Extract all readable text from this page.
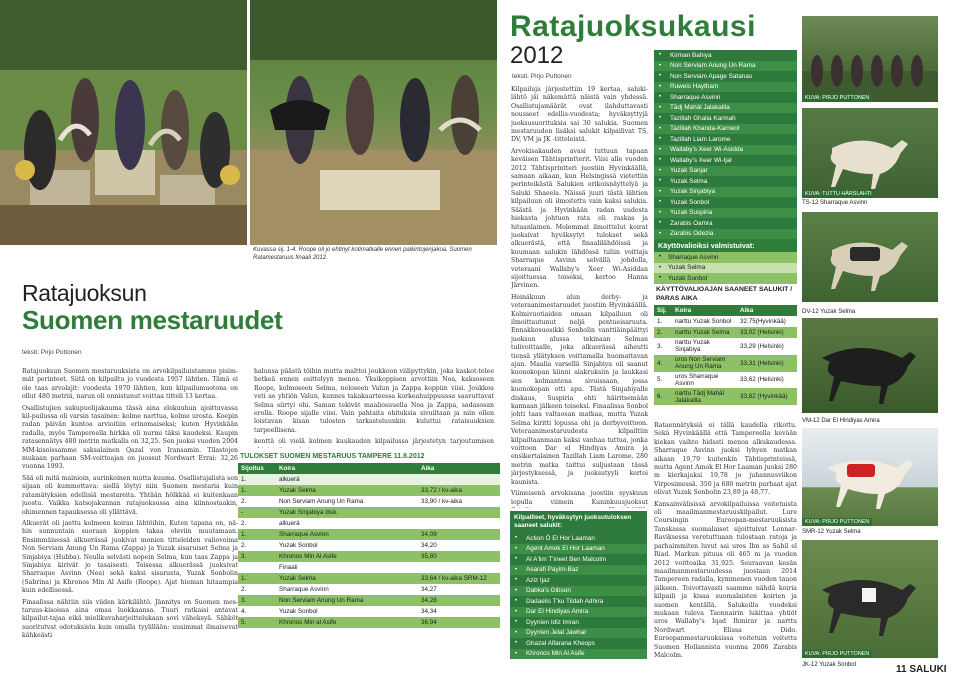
Kuvassa sij. 1-4. Roope oli jo ehtinyt kotimatkalle ennen palkintojenjakoa. Suomen Ratamestaruus finaali 2012.
Ratajuoksun
Suomen mestaruudet
teksti: Pirjo Puttonen

Ratajuoksun Suomen mestaruuksista on arvokilpailuistamme pisim-mät perinteet. Siitä on kilpailtu jo vuodesta 1957 lähtien. Tämä ei ole taas arvolajit: vuodesta 1970 lähtien, kun kilpailumuotona on ollut 480 metriä, narun oli onnistunut voittaa titteli 13 kertaa.

Osallistujien sukupuolijakauma tässä aina elokuuhun ajoittuvassa kil-pailussa oli varsin tasainen: kolme narttua, kolme urosta. Koepin radan päivän kuntoa arvioitiin erinomaiseksi; kuten Hyvinkään radalla, myös Tampereella hirkka oli nurmi täksi kaudeksi. Kaupin ratasennätys 480 metrin matkalla on 32,25. Sen juoksi vuoden 2004 MM-kisoissamme saksalainen Qazal von Iransamin. Tilastojen mukaan parhaan SM-voittoajan on juossut Nordwart Errai: 32,26 vuonna 1993.

Sää oli mitä mainioin, aurinkoinen mutta kuuma. Osallistujalista sen sijaan oli kummottava: siellä löytyi niin Suomen mestaria kuin ratamätyksien edellisiä mestareita. Yhtään hölkkää ei kuitenkaan juostu. Vaikka katsojakunnan ratajuoksussa aina kiinnostaakin, ohimennen tapauksessa oli yllättävä.

Alkuerät oli jaettu kolmeen koiran lähtöihin. Kuten tapana on, nä-hin sunnuntain suoraan koppien takaa oleviin muutamaan. Ensimmäisessä alkuerässä juokivat monien titteleiden valiovoima Non Serviam Anung Un Rama (Zappa) ja Yuzak sisaruiset Selma ja Sinjabiya (Hubba). Neulla selvästi nopein Selma, kun taas Zappa ja Sinjabiya kirivät jo tasaisesti. Toisessa alkuerässä juoksivat Sharraque Asvinn (Nea) sekä kaksi sisarusta, Yuzak Sonbolin (Sabrina) ja Khronos Min Al Asife (Roope). Ajat hieman hitaampia kuin edellisessä.

Finaalissa nähtiin siis viiden kärkilähtö. Jännitys on Suomen mes-taruus-kisoissa aina omaa luokkaansa. Tuuri ratkaisi antavat kilpailut-tajaa eikä mielikuvaharjoittelukaan sovi väheksyä. Sähköt suoritutvat odotuksista kuin omalla tyylillään: uusimmat ilmaisevat kähkeästi

halunsa päästä töihin mutta malttoi joukkoon viilipyttykin, joka kaskot-telee hetkeä ennen esittelyyn menoa. Yksikoppisen arvottiin Noa, kaksoseen Roope, kolmoseen Selma, neloseen Valun ja Zappa koppiin viisi. Joukkoa veti ae yhtiön Valun, kunnes takakaarteessa korkeahuippuussa saavuttavat Selma siirtyi ohi. Saman tekivät maaliosuuella Noa ja Zappa, sadasosan erolla. Roope sijalle viisi. Vain pahtaita ohituksia sivuiltaan ja niin ollen loistavan kisan tulosten tarkasteluunkin kuluttui rataisuuksien tarpeellisena.

kenttä oli vielä kolmen kuukauden kilpailussa järjestetyn tarjoutumisen

TULOKSET SUOMEN MESTARUUS TAMPERE 11.8.2012
Sijoitus	Koira	Aika
1.	alkuerä	
1.	Yuzak Selma	33,72 / kv-aika
2.	Non Serviam Anung Un Rama	33,90 / kv-aika
-	Yuzak Sinjabiya disk.	
2.	alkuerä	
1.	Sharraque Asvinn	34,09
2.	Yuzak Sonbol	34,20
3.	Khronos Min Al Asife	35,80
	Finaali	
1.	Yuzak Selma	33,64 / kv-aika SRM-12
2.	Sharraque Asvinn	34,27
3.	Non Serviam Anung Un Rama	34,28
4.	Yuzak Sonbol	34,34
5.	Khronos Min al Asife	36,94
Ratajuoksukausi
2012
teksti: Pirjo Puttonen

Kilpailuja järjestettiin 19 kertaa, saluki-lähtö jäi näkemättä näistä vain yhdessä. Osallistujamäärät ovat ilahduttavasti nousseet edellis-vuodesta; hyväksyttyjä juoksusuorituksia sai 30 salukia. Suomen mestaruuden lisäksi salukit kilpailivat TS, DV, VM ja JK -titteleistä.

Arvokisakauden avasi tuttuun tapaan keväisen Tähtisprintterit. Viisi alle vuoden 2012 Tähtisprintteri juostiin Hyvinkäällä, samaan aikaan, kun Helsingissä vietettiin perinteikästä Salukien erikoisnäyttelyä ja Saluki Shaeela. Näissä juuri tästä lähtien kilpailuun oli ilmoitettu vain kaksi salukia. Säästä ja Hyvinkään radan uudesta hiekasta johtuen rata oli raskas ja hitaanlainen. Molemmat ilmoittelut koirat juoksivat hyväksytyt tulokset sekä alkuerästä, että finaalilähdöissä ja kuumaan salukin lähdössä tuliin voittaja Sharraque Asvinn selvällä johdolla, veteraani Wallaby's Xeer Wi-Asiddan sijoittuessa toiseksi, kertoo Hanna Järvinen.

Heinäkuun alun derby- ja veteraanimestaruudet juostiin Hyvinkäällä. Kolmivuotiaiden omaan kilpailuun oli ilmoittautunut neljä pentueisaruuta. Ennakkosuosikki Sonbolin vanttiäinpäättyi juoksun alussa tekinaan Selman tulivoittaalle, joka alkuerässä aiheutti tiensä yllätyksen voittamalla huomattavan ajan. Maalia varsellä Sinjabiya oli saanut kuonokopan kiinni alakruksiin ja laukkasi sen kolmantena sivuissaan, jossa kuonokopan otti apu. Tästä Sinjabiyalle diskaus, Suspiria ehti häiritsemään kannaan jälkeen toiseksi. Finaalissa Sonbol johti taas valtaosan matkaa, mutta Yuzak Selma kiritti lopussa ohi ja derbyvoittoon. Veteraanimestaruudesta kilpailtiin kilpailtaanmaan kaksi vanhaa tuttua, jonka voittoon Dar el Hindiyas Amira ja ensikertalainen Tazillah Liam Larome. 280 metrin matka taittui suljustaan tässä järjestyksessä, ja juoksutyyli kertoi kaunista.

Viimeisenä arvokisana juostiin syyskuun lopulla viimein Kuninkuusjuoksut

Kilpailleet, hyväksytyn juoksutuloksen saaneet salukit:
• Action Ö El Hor Laaman
• Agent Amok El Hor Laaman
• Al A'lim T'ineet Ben Malcolm
• Asarafi Payim-Baz
• Aziz Ijaz
• Dabka's Gibson
• Dadaelis T'ku Tildah Adhira
• Dar El Hindiyas Amira
• Dyynien Idiz Imran
• Dyynien Jelal Jawhar
• Ghazal Alfarana Kheops
• Khronos Min Al Asife
• Kirman Bahiya
• Non Serviam Anung Un Rama
• Non Serviam Apage Satanas
• Ruweis Haytham
• Sharraque Asvinn
• Tādj Mahāl Jalakalila
• Tazillah Ghalia Karmah
• Tazillah Khanda-Karneol
• Tazillah Liam Larome
• Wallaby's Xeer Wi-Asidda
• Wallaby's Xeer Wi-Ijal
• Yuzak Sanjar
• Yuzak Selma
• Yuzak Sinjabiya
• Yuzak Sonbol
• Yuzak Suspiria
• Zarabis Oamra
• Zarabis Odezia
Käyttövalioiksi valmistuivat:
• Sharraque Asvinn
• Yuzak Selma
• Yuzak Sonbol
KÄYTTÖVALIOAJAN SAANEET SALUKIT / PARAS AIKA
Sij.	Koira	Aika
1.	narttu Yuzak Sonbol	32,75(Hyvinkää)
2.	narttu Yuzak Selma	33,02 (Helsinki)
3.	narttu Yuzak Sinjabiya	33,29 (Helsinki)
4.	uros Non Serviam Anung Un Rama	33,31 (Helsinki)
5.	uros Sharraque Asvinn	33,62 (Helsinki)
6.	narttu Tādj Mahāl Jalakalila	33,82 (Hyvinkää)

Rataennätyksiä ei tällä kaudella rikottu. Sekä Hyvinkäällä että Tampereella kevään kiekan vaihto hidasti menoa alkukaudessa. Sharraque Asvinn juoksi lyhyen matkan aikaan 19,79 kuitenkin Tähtisprinteissä, mutta Agent Amok El Hor Laaman juoksi 280 m kierkajaksi 19,78 jo juhannusviikon Virposimessä. 350 ja 680 metrin parhaat ajat olivat Yuzak Sonbolin 23,89 ja 48,77.

Kansainvälisissä arvokilpailuissa voitetuista oli maailmanmestaruuskilpailut. Lure Coursingin Euroopan-mestaruuksista Tanskassa suomalaiset sijoittuivat Lonnar-Raviksessa veretuttuaan tulostaan ratoja ja parhaimmiten luvut sai uros Ibn as Sabil el Riad. Markun pituus oli 465 m ja vuoden 2012 voittoaika 31,925. Seuraavan kesän maailmanmestaruudessa juostaan 2014 Tampereen radalla, kymmenen vuoden tauon jälkeen. Toivottavasti saamme nähdä koiria kilpaili ja kisaa suomalaisten koirien ja suomen kentällä. Salukeilla vuodeksi mukaan tuleva Taonnairin lukittaa yhtiöt uros Wallaby's Iqad Ihmirar ja narttu Nordwart Elissa Dido. Euroopanmestaruuksissa voitetuin voitettu Suomen Hollannista vuonna 2006 Zarabis Malcolm.

KUVA: PIRJO PUTTONEN
KUVA: TUTTU HÄRSLAHTI
TS-12 Sharraque Asvinn
DV-12 Yuzak Selma
VM-12 Dar El Hindiyas Amira
KUVA: PIRJO PUTTONEN
SMR-12 Yuzak Selma
KUVA: PIRJO PUTTONEN
JK-12 Yuzak Sonbol	11 SALUKI
